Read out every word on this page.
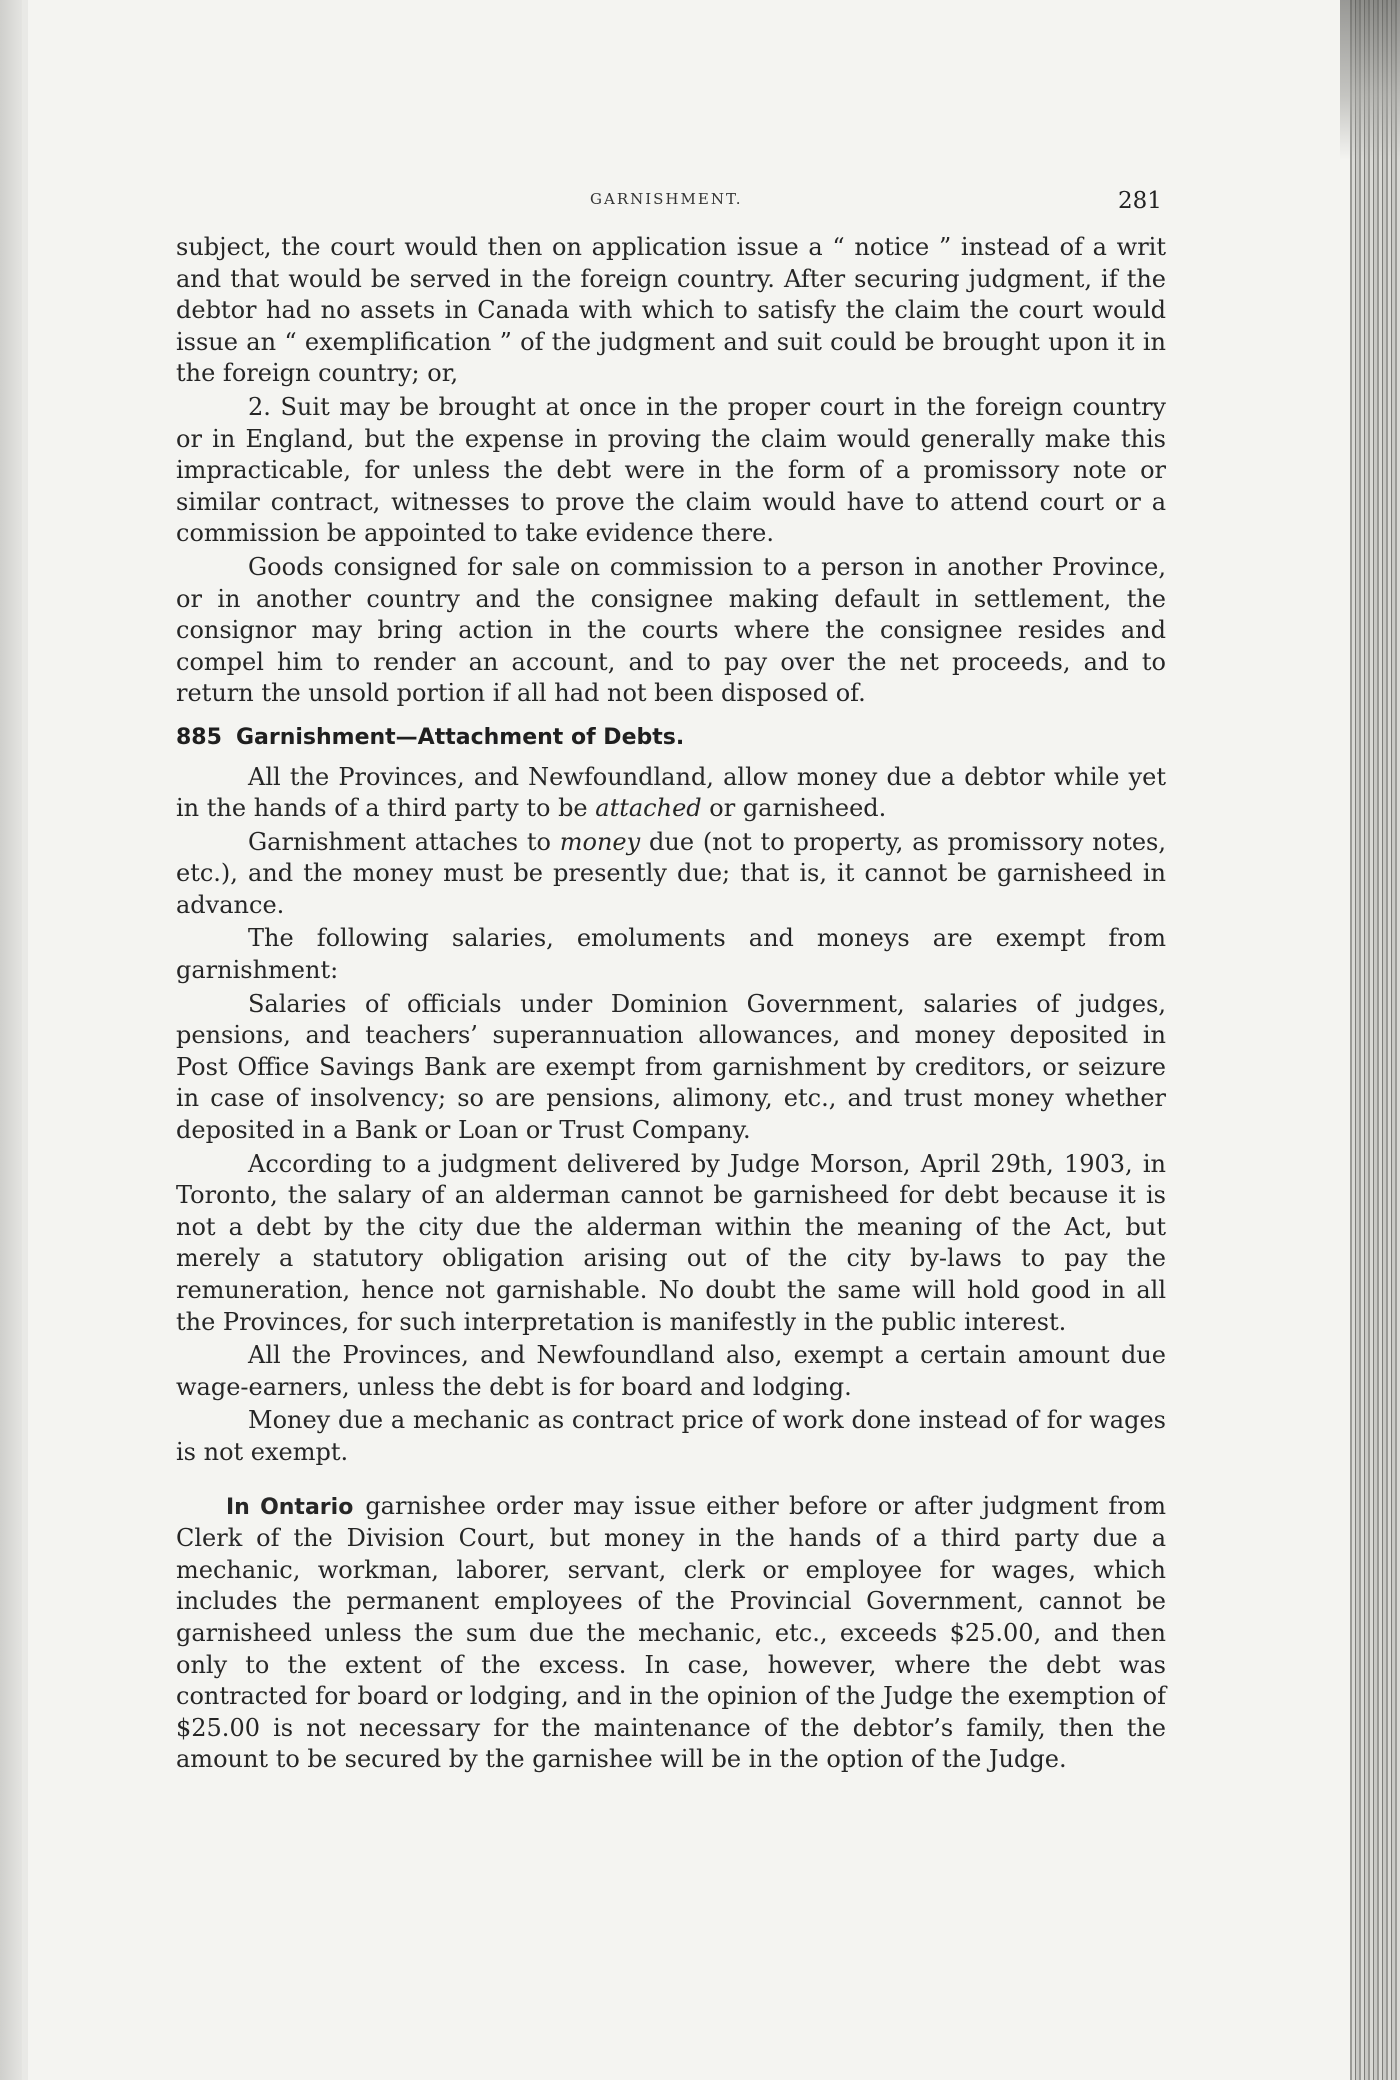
GARNISHMENT.	281

subject, the court would then on application issue a “ notice ” instead of a writ and that would be served in the foreign country. After securing judgment, if the debtor had no assets in Canada with which to satisfy the claim the court would issue an “ exemplification ” of the judgment and suit could be brought upon it in the foreign country; or,

2. Suit may be brought at once in the proper court in the foreign country or in England, but the expense in proving the claim would generally make this impracticable, for unless the debt were in the form of a promissory note or similar contract, witnesses to prove the claim would have to attend court or a commission be appointed to take evidence there.

Goods consigned for sale on commission to a person in another Province, or in another country and the consignee making default in settlement, the consignor may bring action in the courts where the consignee resides and compel him to render an account, and to pay over the net proceeds, and to return the unsold portion if all had not been disposed of.

885 Garnishment—Attachment of Debts.

All the Provinces, and Newfoundland, allow money due a debtor while yet in the hands of a third party to be attached or garnisheed.

Garnishment attaches to money due (not to property, as promissory notes, etc.), and the money must be presently due; that is, it cannot be garnisheed in advance.

The following salaries, emoluments and moneys are exempt from garnishment:

Salaries of officials under Dominion Government, salaries of judges, pensions, and teachers’ superannuation allowances, and money deposited in Post Office Savings Bank are exempt from garnishment by creditors, or seizure in case of insolvency; so are pensions, alimony, etc., and trust money whether deposited in a Bank or Loan or Trust Company.

According to a judgment delivered by Judge Morson, April 29th, 1903, in Toronto, the salary of an alderman cannot be garnisheed for debt because it is not a debt by the city due the alderman within the meaning of the Act, but merely a statutory obligation arising out of the city by-laws to pay the remuneration, hence not garnishable. No doubt the same will hold good in all the Provinces, for such interpretation is manifestly in the public interest.

All the Provinces, and Newfoundland also, exempt a certain amount due wage-earners, unless the debt is for board and lodging.

Money due a mechanic as contract price of work done instead of for wages is not exempt.

In Ontario garnishee order may issue either before or after judgment from Clerk of the Division Court, but money in the hands of a third party due a mechanic, workman, laborer, servant, clerk or employee for wages, which includes the permanent employees of the Provincial Government, cannot be garnisheed unless the sum due the mechanic, etc., exceeds $25.00, and then only to the extent of the excess. In case, however, where the debt was contracted for board or lodging, and in the opinion of the Judge the exemption of $25.00 is not necessary for the maintenance of the debtor’s family, then the amount to be secured by the garnishee will be in the option of the Judge.
